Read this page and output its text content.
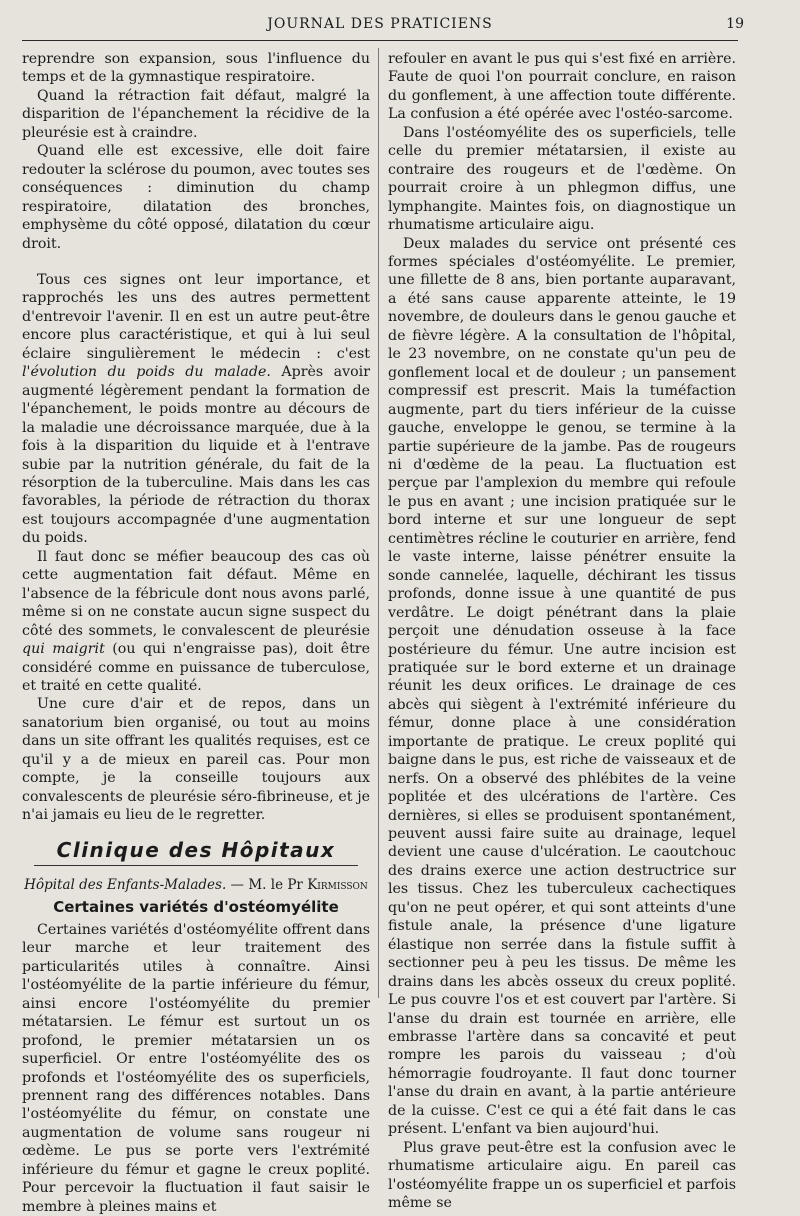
JOURNAL DES PRATICIENS	19

reprendre son expansion, sous l'influence du temps et de la gymnastique respiratoire.

Quand la rétraction fait défaut, malgré la disparition de l'épanchement la récidive de la pleurésie est à craindre.

Quand elle est excessive, elle doit faire redouter la sclérose du poumon, avec toutes ses conséquences : diminution du champ respiratoire, dilatation des bronches, emphysème du côté opposé, dilatation du cœur droit.

Tous ces signes ont leur importance, et rapprochés les uns des autres permettent d'entrevoir l'avenir. Il en est un autre peut-être encore plus caractéristique, et qui à lui seul éclaire singulièrement le médecin : c'est l'évolution du poids du malade. Après avoir augmenté légèrement pendant la formation de l'épanchement, le poids montre au décours de la maladie une décroissance marquée, due à la fois à la disparition du liquide et à l'entrave subie par la nutrition générale, du fait de la résorption de la tuberculine. Mais dans les cas favorables, la période de rétraction du thorax est toujours accompagnée d'une augmentation du poids.

Il faut donc se méfier beaucoup des cas où cette augmentation fait défaut. Même en l'absence de la fébricule dont nous avons parlé, même si on ne constate aucun signe suspect du côté des sommets, le convalescent de pleurésie qui maigrit (ou qui n'engraisse pas), doit être considéré comme en puissance de tuberculose, et traité en cette qualité.

Une cure d'air et de repos, dans un sanatorium bien organisé, ou tout au moins dans un site offrant les qualités requises, est ce qu'il y a de mieux en pareil cas. Pour mon compte, je la conseille toujours aux convalescents de pleurésie séro-fibrineuse, et je n'ai jamais eu lieu de le regretter.

Clinique des Hôpitaux
Hôpital des Enfants-Malades. — M. le Pr Kirmisson
Certaines variétés d'ostéomyélite

Certaines variétés d'ostéomyélite offrent dans leur marche et leur traitement des particularités utiles à connaître. Ainsi l'ostéomyélite de la partie inférieure du fémur, ainsi encore l'ostéomyélite du premier métatarsien. Le fémur est surtout un os profond, le premier métatarsien un os superficiel. Or entre l'ostéomyélite des os profonds et l'ostéomyélite des os superficiels, prennent rang des différences notables. Dans l'ostéomyélite du fémur, on constate une augmentation de volume sans rougeur ni œdème. Le pus se porte vers l'extrémité inférieure du fémur et gagne le creux poplité. Pour percevoir la fluctuation il faut saisir le membre à pleines mains et

refouler en avant le pus qui s'est fixé en arrière. Faute de quoi l'on pourrait conclure, en raison du gonflement, à une affection toute différente. La confusion a été opérée avec l'ostéo-sarcome.

Dans l'ostéomyélite des os superficiels, telle celle du premier métatarsien, il existe au contraire des rougeurs et de l'œdème. On pourrait croire à un phlegmon diffus, une lymphangite. Maintes fois, on diagnostique un rhumatisme articulaire aigu.

Deux malades du service ont présenté ces formes spéciales d'ostéomyélite. Le premier, une fillette de 8 ans, bien portante auparavant, a été sans cause apparente atteinte, le 19 novembre, de douleurs dans le genou gauche et de fièvre légère. A la consultation de l'hôpital, le 23 novembre, on ne constate qu'un peu de gonflement local et de douleur ; un pansement compressif est prescrit. Mais la tuméfaction augmente, part du tiers inférieur de la cuisse gauche, enveloppe le genou, se termine à la partie supérieure de la jambe. Pas de rougeurs ni d'œdème de la peau. La fluctuation est perçue par l'amplexion du membre qui refoule le pus en avant ; une incision pratiquée sur le bord interne et sur une longueur de sept centimètres récline le couturier en arrière, fend le vaste interne, laisse pénétrer ensuite la sonde cannelée, laquelle, déchirant les tissus profonds, donne issue à une quantité de pus verdâtre. Le doigt pénétrant dans la plaie perçoit une dénudation osseuse à la face postérieure du fémur. Une autre incision est pratiquée sur le bord externe et un drainage réunit les deux orifices. Le drainage de ces abcès qui siègent à l'extrémité inférieure du fémur, donne place à une considération importante de pratique. Le creux poplité qui baigne dans le pus, est riche de vaisseaux et de nerfs. On a observé des phlébites de la veine poplitée et des ulcérations de l'artère. Ces dernières, si elles se produisent spontanément, peuvent aussi faire suite au drainage, lequel devient une cause d'ulcération. Le caoutchouc des drains exerce une action destructrice sur les tissus. Chez les tuberculeux cachectiques qu'on ne peut opérer, et qui sont atteints d'une fistule anale, la présence d'une ligature élastique non serrée dans la fistule suffit à sectionner peu à peu les tissus. De même les drains dans les abcès osseux du creux poplité. Le pus couvre l'os et est couvert par l'artère. Si l'anse du drain est tournée en arrière, elle embrasse l'artère dans sa concavité et peut rompre les parois du vaisseau ; d'où hémorragie foudroyante. Il faut donc tourner l'anse du drain en avant, à la partie antérieure de la cuisse. C'est ce qui a été fait dans le cas présent. L'enfant va bien aujourd'hui.

Plus grave peut-être est la confusion avec le rhumatisme articulaire aigu. En pareil cas l'ostéomyélite frappe un os superficiel et parfois même se
